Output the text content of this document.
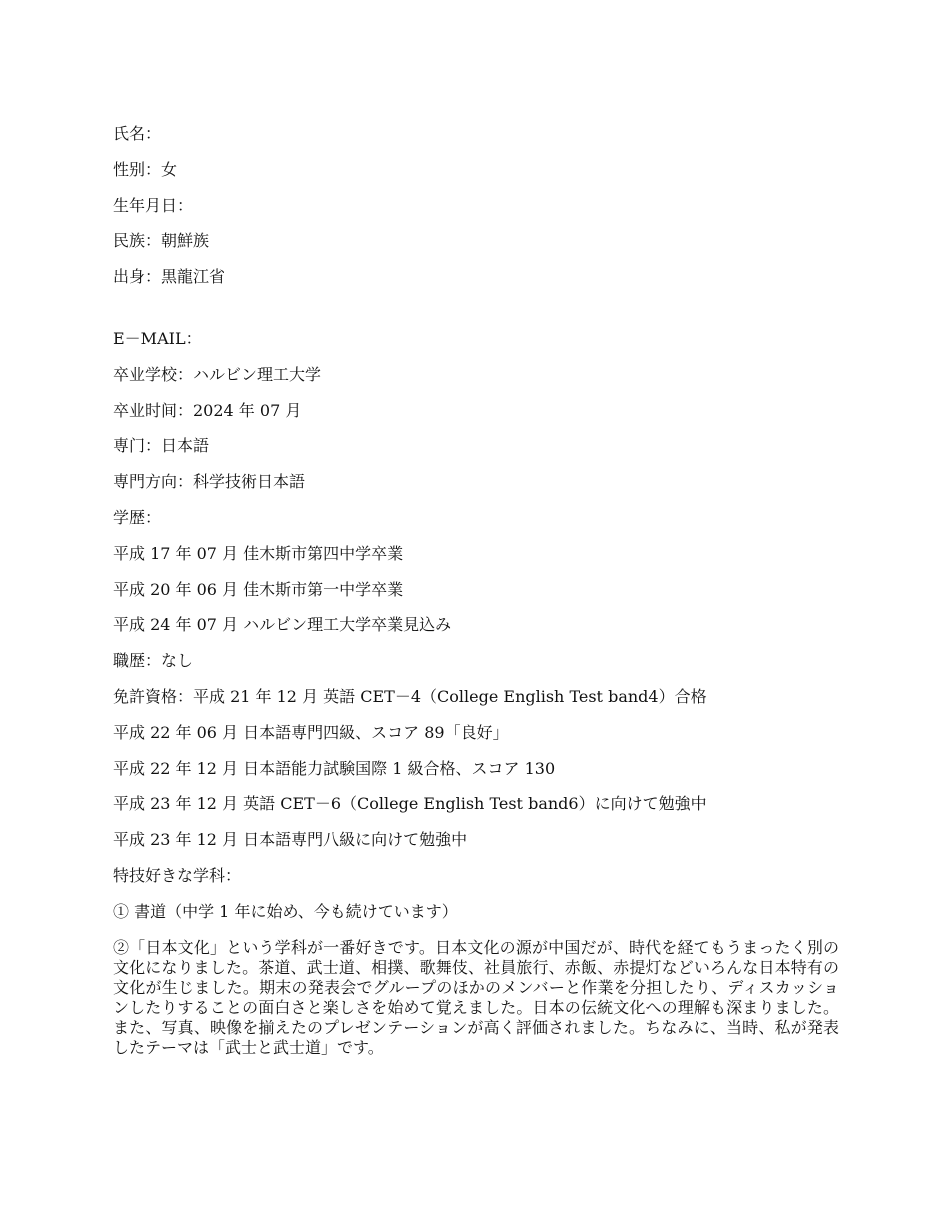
氏名：
性别：女
生年月日：
民族：朝鮮族
出身：黒龍江省
E－MAIL：
卒业学校：ハルビン理工大学
卒业时间：2024 年 07 月
専门：日本語
専門方向：科学技術日本語
学歴：
平成 17 年 07 月 佳木斯市第四中学卒業
平成 20 年 06 月 佳木斯市第一中学卒業
平成 24 年 07 月 ハルビン理工大学卒業見込み
職歴：なし
免許資格：平成 21 年 12 月 英語 CET－4（College English Test band4）合格
平成 22 年 06 月 日本語専門四級、スコア 89「良好」
平成 22 年 12 月 日本語能力試験国際 1 級合格、スコア 130
平成 23 年 12 月 英語 CET－6（College English Test band6）に向けて勉強中
平成 23 年 12 月 日本語専門八級に向けて勉強中
特技好きな学科：
① 書道（中学 1 年に始め、今も続けています）

②「日本文化」という学科が一番好きです。日本文化の源が中国だが、時代を経てもうまったく別の文化になりました。茶道、武士道、相撲、歌舞伎、社員旅行、赤飯、赤提灯などいろんな日本特有の文化が生じました。期末の発表会でグループのほかのメンバーと作業を分担したり、ディスカッションしたりすることの面白さと楽しさを始めて覚えました。日本の伝統文化への理解も深まりました。また、写真、映像を揃えたのプレゼンテーションが高く評価されました。ちなみに、当時、私が発表したテーマは「武士と武士道」です。
